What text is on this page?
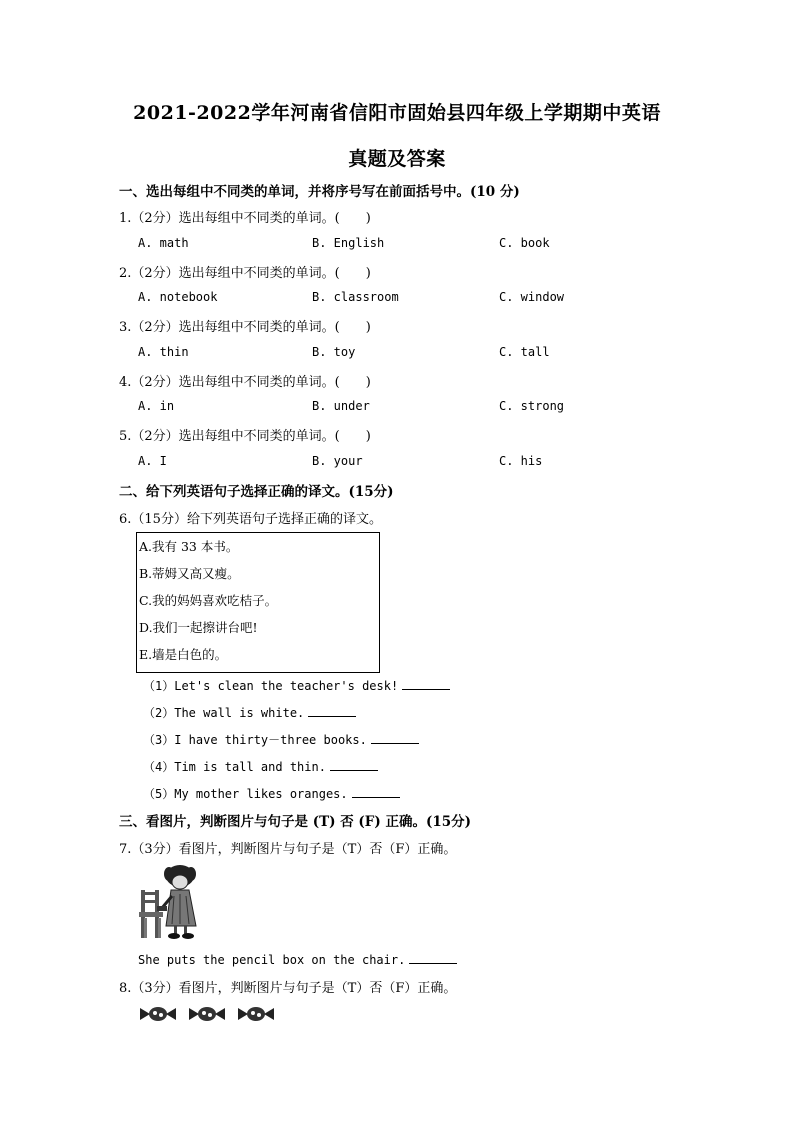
2021-2022学年河南省信阳市固始县四年级上学期期中英语
真题及答案
一、选出每组中不同类的单词，并将序号写在前面括号中。(10 分)
1.（2分）选出每组中不同类的单词。(　　)
A. math	B. English	C. book
2.（2分）选出每组中不同类的单词。(　　)
A. notebook	B. classroom	C. window
3.（2分）选出每组中不同类的单词。(　　)
A. thin	B. toy	C. tall
4.（2分）选出每组中不同类的单词。(　　)
A. in	B. under	C. strong
5.（2分）选出每组中不同类的单词。(　　)
A. I	B. your	C. his
二、给下列英语句子选择正确的译文。(15分)
6.（15分）给下列英语句子选择正确的译文。
A.我有 33 本书。
B.蒂姆又高又瘦。
C.我的妈妈喜欢吃桔子。
D.我们一起擦讲台吧!
E.墙是白色的。
（1）Let's clean the teacher's desk!
（2）The wall is white.
（3）I have thirty－three books.
（4）Tim is tall and thin.
（5）My mother likes oranges.
三、看图片，判断图片与句子是 (T) 否 (F) 正确。(15分)
7.（3分）看图片，判断图片与句子是（T）否（F）正确。
She puts the pencil box on the chair.
8.（3分）看图片，判断图片与句子是（T）否（F）正确。
